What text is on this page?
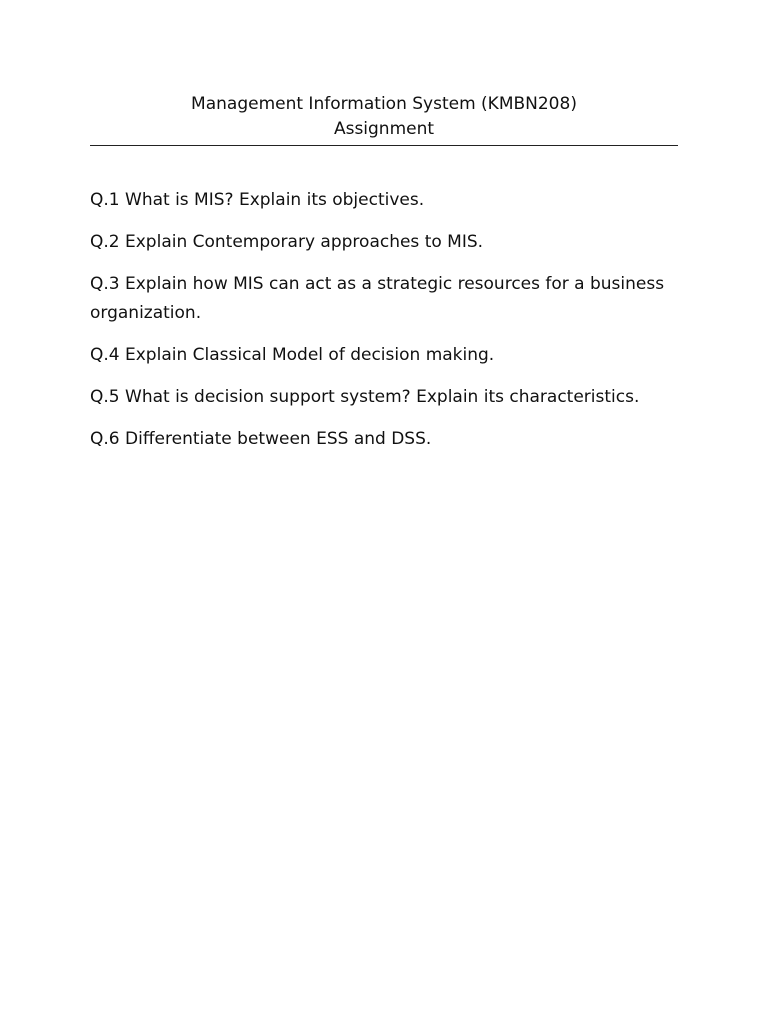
Management Information System (KMBN208)
Assignment
Q.1 What is MIS? Explain its objectives.
Q.2 Explain Contemporary approaches to MIS.
Q.3 Explain how MIS can act as a strategic resources for a business organization.
Q.4 Explain Classical Model of decision making.
Q.5 What is decision support system? Explain its characteristics.
Q.6 Differentiate between ESS and DSS.
